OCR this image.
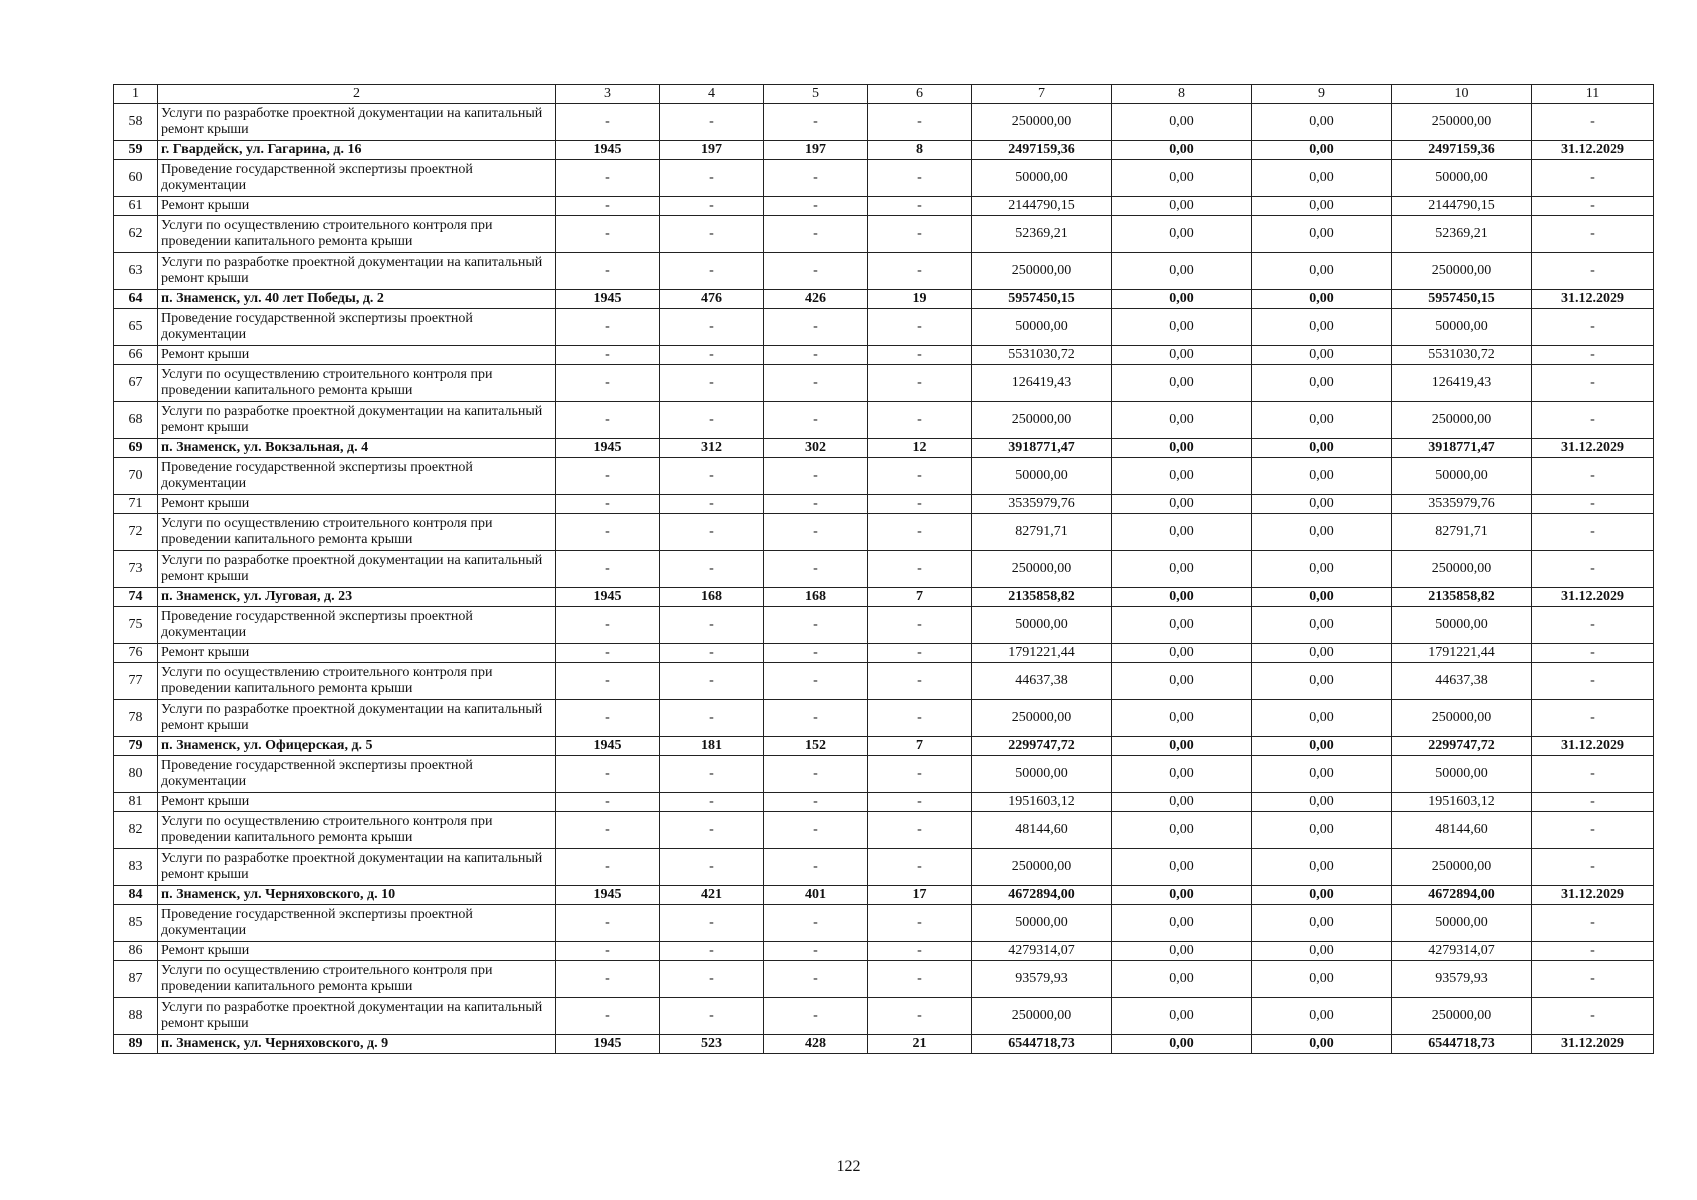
1	2	3	4	5	6	7	8	9	10	11
58	Услуги по разработке проектной документации на капитальный ремонт крыши	-	-	-	-	250000,00	0,00	0,00	250000,00	-
59	г. Гвардейск, ул. Гагарина, д. 16	1945	197	197	8	2497159,36	0,00	0,00	2497159,36	31.12.2029
60	Проведение государственной экспертизы проектной документации	-	-	-	-	50000,00	0,00	0,00	50000,00	-
61	Ремонт крыши	-	-	-	-	2144790,15	0,00	0,00	2144790,15	-
62	Услуги по осуществлению строительного контроля при проведении капитального ремонта крыши	-	-	-	-	52369,21	0,00	0,00	52369,21	-
63	Услуги по разработке проектной документации на капитальный ремонт крыши	-	-	-	-	250000,00	0,00	0,00	250000,00	-
64	п. Знаменск, ул. 40 лет Победы, д. 2	1945	476	426	19	5957450,15	0,00	0,00	5957450,15	31.12.2029
65	Проведение государственной экспертизы проектной документации	-	-	-	-	50000,00	0,00	0,00	50000,00	-
66	Ремонт крыши	-	-	-	-	5531030,72	0,00	0,00	5531030,72	-
67	Услуги по осуществлению строительного контроля при проведении капитального ремонта крыши	-	-	-	-	126419,43	0,00	0,00	126419,43	-
68	Услуги по разработке проектной документации на капитальный ремонт крыши	-	-	-	-	250000,00	0,00	0,00	250000,00	-
69	п. Знаменск, ул. Вокзальная, д. 4	1945	312	302	12	3918771,47	0,00	0,00	3918771,47	31.12.2029
70	Проведение государственной экспертизы проектной документации	-	-	-	-	50000,00	0,00	0,00	50000,00	-
71	Ремонт крыши	-	-	-	-	3535979,76	0,00	0,00	3535979,76	-
72	Услуги по осуществлению строительного контроля при проведении капитального ремонта крыши	-	-	-	-	82791,71	0,00	0,00	82791,71	-
73	Услуги по разработке проектной документации на капитальный ремонт крыши	-	-	-	-	250000,00	0,00	0,00	250000,00	-
74	п. Знаменск, ул. Луговая, д. 23	1945	168	168	7	2135858,82	0,00	0,00	2135858,82	31.12.2029
75	Проведение государственной экспертизы проектной документации	-	-	-	-	50000,00	0,00	0,00	50000,00	-
76	Ремонт крыши	-	-	-	-	1791221,44	0,00	0,00	1791221,44	-
77	Услуги по осуществлению строительного контроля при проведении капитального ремонта крыши	-	-	-	-	44637,38	0,00	0,00	44637,38	-
78	Услуги по разработке проектной документации на капитальный ремонт крыши	-	-	-	-	250000,00	0,00	0,00	250000,00	-
79	п. Знаменск, ул. Офицерская, д. 5	1945	181	152	7	2299747,72	0,00	0,00	2299747,72	31.12.2029
80	Проведение государственной экспертизы проектной документации	-	-	-	-	50000,00	0,00	0,00	50000,00	-
81	Ремонт крыши	-	-	-	-	1951603,12	0,00	0,00	1951603,12	-
82	Услуги по осуществлению строительного контроля при проведении капитального ремонта крыши	-	-	-	-	48144,60	0,00	0,00	48144,60	-
83	Услуги по разработке проектной документации на капитальный ремонт крыши	-	-	-	-	250000,00	0,00	0,00	250000,00	-
84	п. Знаменск, ул. Черняховского, д. 10	1945	421	401	17	4672894,00	0,00	0,00	4672894,00	31.12.2029
85	Проведение государственной экспертизы проектной документации	-	-	-	-	50000,00	0,00	0,00	50000,00	-
86	Ремонт крыши	-	-	-	-	4279314,07	0,00	0,00	4279314,07	-
87	Услуги по осуществлению строительного контроля при проведении капитального ремонта крыши	-	-	-	-	93579,93	0,00	0,00	93579,93	-
88	Услуги по разработке проектной документации на капитальный ремонт крыши	-	-	-	-	250000,00	0,00	0,00	250000,00	-
89	п. Знаменск, ул. Черняховского, д. 9	1945	523	428	21	6544718,73	0,00	0,00	6544718,73	31.12.2029
122
